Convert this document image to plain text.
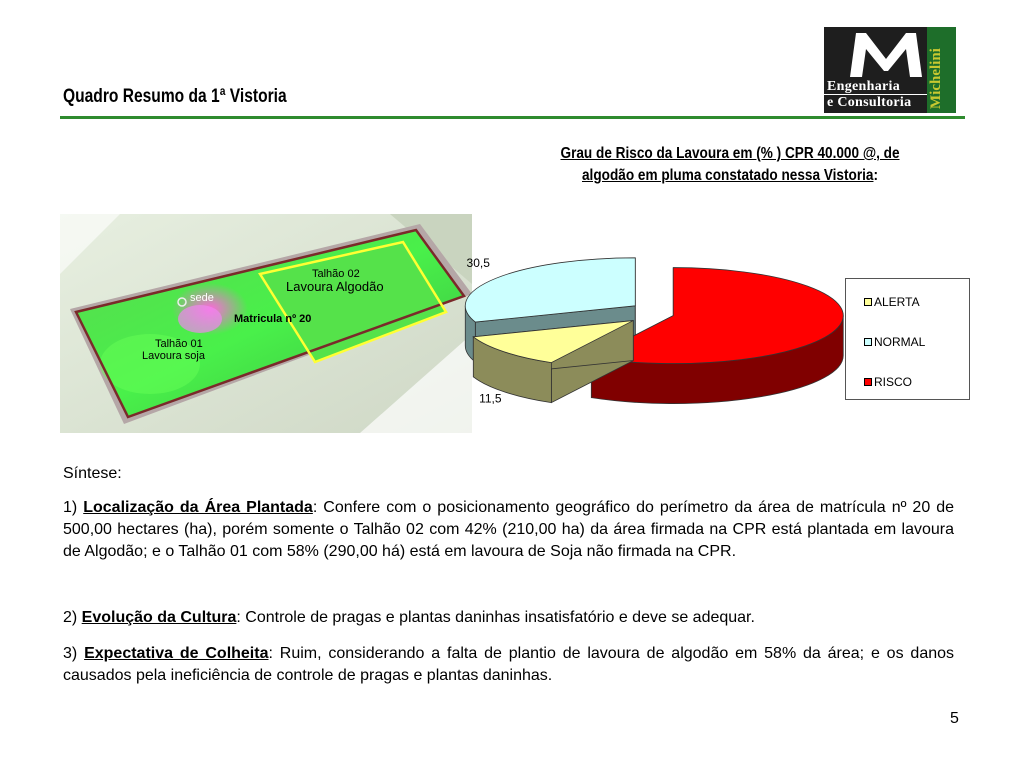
Quadro Resumo da 1ª Vistoria	Engenharia
e Consultoria Michelini
Grau de Risco da Lavoura em (% ) CPR 40.000 @, de
algodão em pluma constatado nessa Vistoria:
sede
Talhão 02
Lavoura Algodão
Matricula nº 20
Talhão 01
Lavoura soja
11,5
30,5
ALERTA
NORMAL
RISCO
Síntese:
1) Localização da Área Plantada: Confere com o posicionamento geográfico do perímetro da área de matrícula nº 20 de 500,00 hectares (ha), porém somente o Talhão 02 com 42% (210,00 ha) da área firmada na CPR está plantada em lavoura de Algodão; e o Talhão 01 com 58% (290,00 há) está em lavoura de Soja não firmada na CPR.
2) Evolução da Cultura: Controle de pragas e plantas daninhas insatisfatório e deve se adequar.
3) Expectativa de Colheita: Ruim, considerando a falta de plantio de lavoura de algodão em 58% da área; e os danos causados pela ineficiência de controle de pragas e plantas daninhas.
5
